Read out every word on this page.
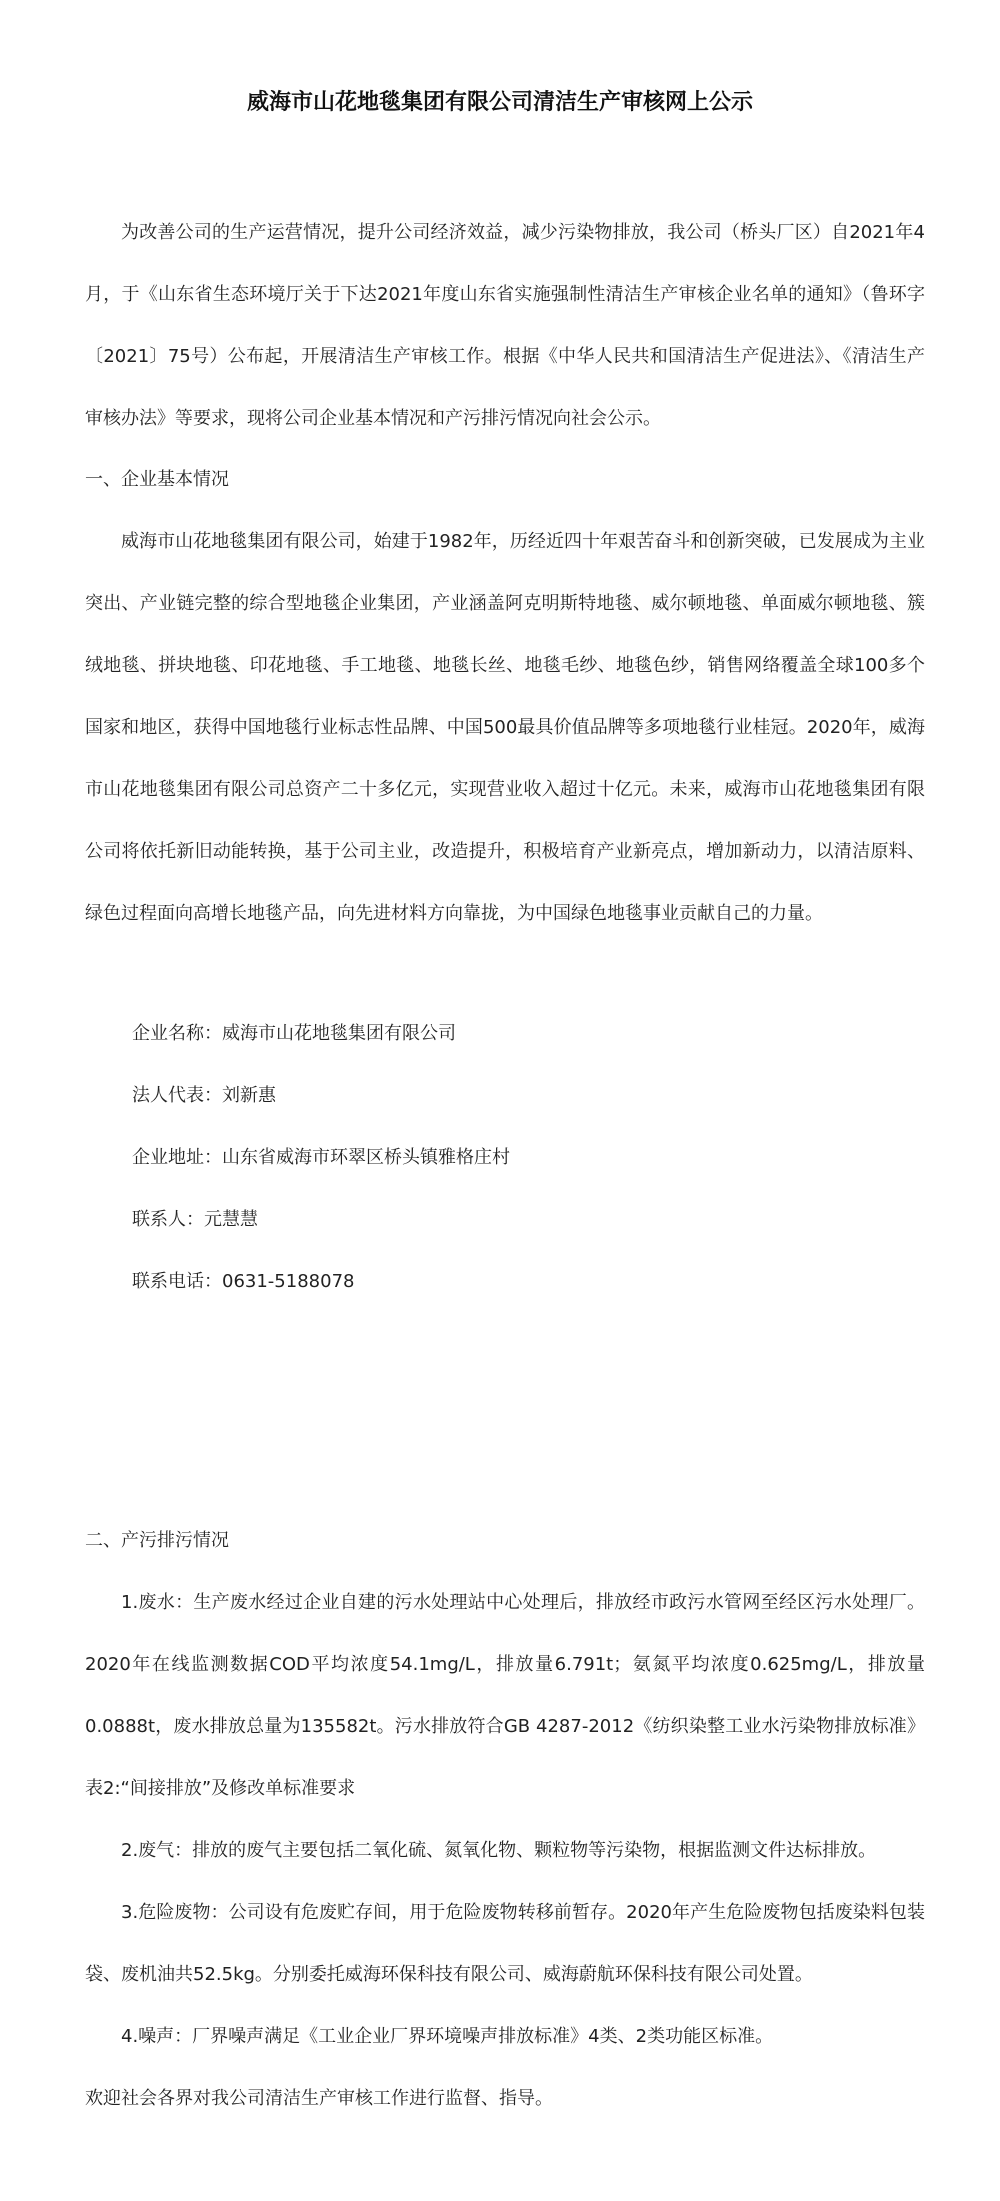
威海市山花地毯集团有限公司清洁生产审核网上公示

为改善公司的生产运营情况，提升公司经济效益，减少污染物排放，我公司（桥头厂区）自2021年4月，于《山东省生态环境厅关于下达2021年度山东省实施强制性清洁生产审核企业名单的通知》（鲁环字〔2021〕75号）公布起，开展清洁生产审核工作。根据《中华人民共和国清洁生产促进法》、《清洁生产审核办法》等要求，现将公司企业基本情况和产污排污情况向社会公示。

一、企业基本情况

威海市山花地毯集团有限公司，始建于1982年，历经近四十年艰苦奋斗和创新突破，已发展成为主业突出、产业链完整的综合型地毯企业集团，产业涵盖阿克明斯特地毯、威尔顿地毯、单面威尔顿地毯、簇绒地毯、拼块地毯、印花地毯、手工地毯、地毯长丝、地毯毛纱、地毯色纱，销售网络覆盖全球100多个国家和地区，获得中国地毯行业标志性品牌、中国500最具价值品牌等多项地毯行业桂冠。2020年，威海市山花地毯集团有限公司总资产二十多亿元，实现营业收入超过十亿元。未来，威海市山花地毯集团有限公司将依托新旧动能转换，基于公司主业，改造提升，积极培育产业新亮点，增加新动力，以清洁原料、绿色过程面向高增长地毯产品，向先进材料方向靠拢，为中国绿色地毯事业贡献自己的力量。

企业名称：威海市山花地毯集团有限公司
法人代表：刘新惠
企业地址：山东省威海市环翠区桥头镇雅格庄村
联系人：元慧慧
联系电话：0631-5188078
二、产污排污情况

1.废水：生产废水经过企业自建的污水处理站中心处理后，排放经市政污水管网至经区污水处理厂。2020年在线监测数据COD平均浓度54.1mg/L，排放量6.791t；氨氮平均浓度0.625mg/L，排放量0.0888t，废水排放总量为135582t。污水排放符合GB 4287-2012《纺织染整工业水污染物排放标准》表2:“间接排放”及修改单标准要求

2.废气：排放的废气主要包括二氧化硫、氮氧化物、颗粒物等污染物，根据监测文件达标排放。

3.危险废物：公司设有危废贮存间，用于危险废物转移前暂存。2020年产生危险废物包括废染料包装袋、废机油共52.5kg。分别委托威海环保科技有限公司、威海蔚航环保科技有限公司处置。

4.噪声：厂界噪声满足《工业企业厂界环境噪声排放标准》4类、2类功能区标准。

欢迎社会各界对我公司清洁生产审核工作进行监督、指导。
